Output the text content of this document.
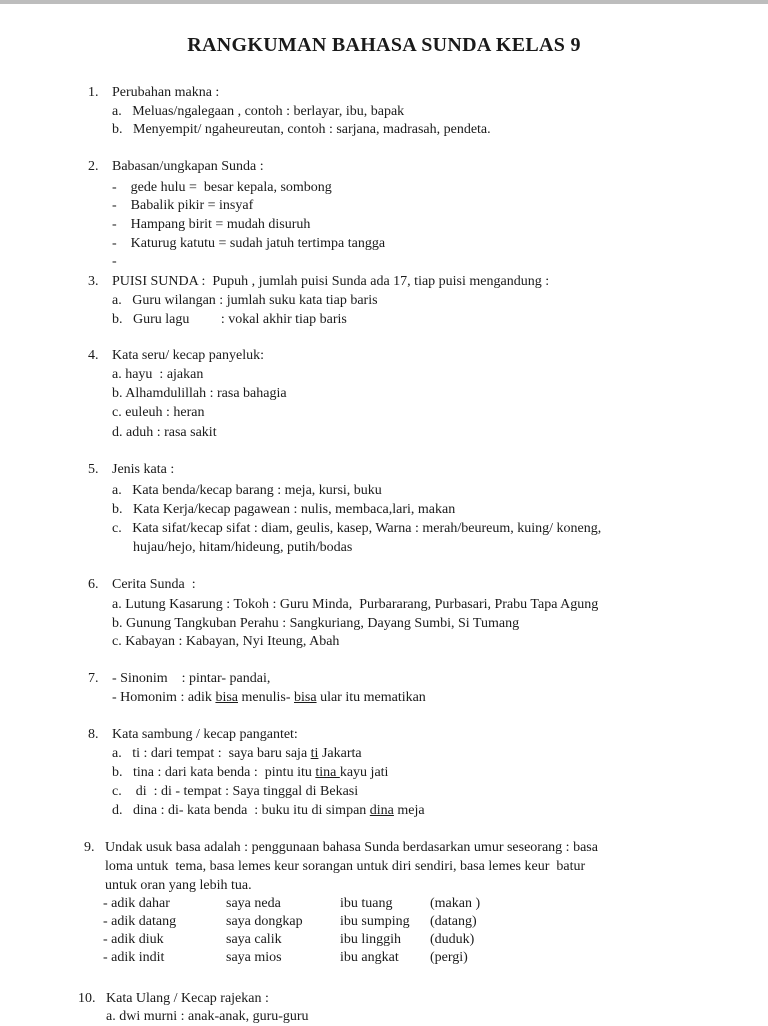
RANGKUMAN BAHASA SUNDA KELAS 9
1. Perubahan makna :
a.   Meluas/ngalegaan , contoh : berlayar, ibu, bapak
b.   Menyempit/ ngaheureutan, contoh : sarjana, madrasah, pendeta.
2. Babasan/ungkapan Sunda :
-    gede hulu =  besar kepala, sombong
-    Babalik pikir = insyaf
-    Hampang birit = mudah disuruh
-    Katurug katutu = sudah jatuh tertimpa tangga
-
3. PUISI SUNDA :  Pupuh , jumlah puisi Sunda ada 17, tiap puisi mengandung :
a.   Guru wilangan : jumlah suku kata tiap baris
b.   Guru lagu         : vokal akhir tiap baris
4. Kata seru/ kecap panyeluk:
a. hayu  : ajakan
b. Alhamdulillah : rasa bahagia
c. euleuh : heran
d. aduh : rasa sakit
5. Jenis kata :
a.   Kata benda/kecap barang : meja, kursi, buku
b.   Kata Kerja/kecap pagawean : nulis, membaca,lari, makan
c.   Kata sifat/kecap sifat : diam, geulis, kasep, Warna : merah/beureum, kuing/ koneng,
hujau/hejo, hitam/hideung, putih/bodas
6. Cerita Sunda  :
a. Lutung Kasarung : Tokoh : Guru Minda,  Purbararang, Purbasari, Prabu Tapa Agung
b. Gunung Tangkuban Perahu : Sangkuriang, Dayang Sumbi, Si Tumang
c. Kabayan : Kabayan, Nyi Iteung, Abah
7. - Sinonim    : pintar- pandai,
- Homonim : adik bisa menulis- bisa ular itu mematikan
8. Kata sambung / kecap pangantet:
a.   ti : dari tempat :  saya baru saja ti Jakarta
b.   tina : dari kata benda :  pintu itu tina kayu jati
c.    di  : di - tempat : Saya tinggal di Bekasi
d.   dina : di- kata benda  : buku itu di simpan dina meja
9. Undak usuk basa adalah : penggunaan bahasa Sunda berdasarkan umur seseorang : basa
loma untuk  tema, basa lemes keur sorangan untuk diri sendiri, basa lemes keur  batur
untuk oran yang lebih tua.
- adik dahar	saya neda	ibu tuang	(makan )
- adik datang	saya dongkap	ibu sumping	(datang)
- adik diuk	saya calik	ibu linggih	(duduk)
- adik indit	saya mios	ibu angkat	(pergi)
10. Kata Ulang / Kecap rajekan :
a. dwi murni : anak-anak, guru-guru
